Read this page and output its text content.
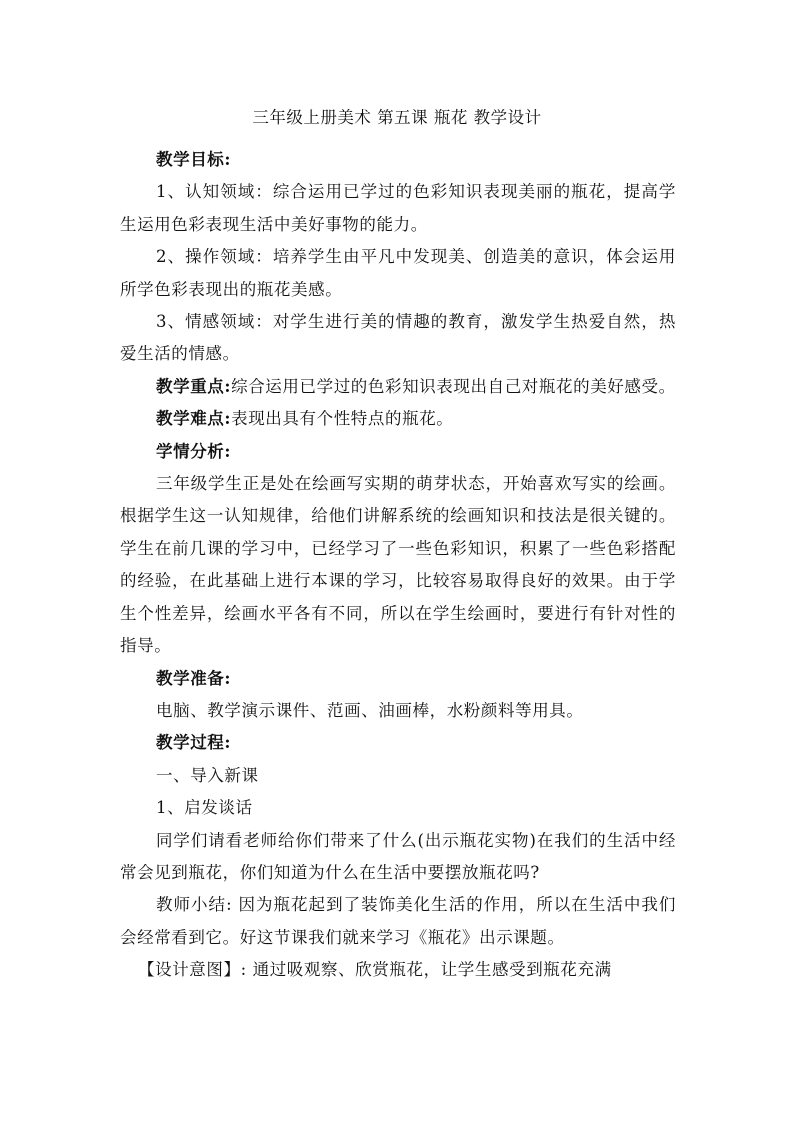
三年级上册美术 第五课 瓶花 教学设计

教学目标:

1、认知领域：综合运用已学过的色彩知识表现美丽的瓶花，提高学生运用色彩表现生活中美好事物的能力。

2、操作领域：培养学生由平凡中发现美、创造美的意识，体会运用所学色彩表现出的瓶花美感。

3、情感领域：对学生进行美的情趣的教育，激发学生热爱自然，热爱生活的情感。

教学重点:综合运用已学过的色彩知识表现出自己对瓶花的美好感受。

教学难点:表现出具有个性特点的瓶花。

学情分析:

三年级学生正是处在绘画写实期的萌芽状态，开始喜欢写实的绘画。根据学生这一认知规律，给他们讲解系统的绘画知识和技法是很关键的。学生在前几课的学习中，已经学习了一些色彩知识，积累了一些色彩搭配的经验，在此基础上进行本课的学习，比较容易取得良好的效果。由于学生个性差异，绘画水平各有不同，所以在学生绘画时，要进行有针对性的指导。

教学准备:

电脑、教学演示课件、范画、油画棒，水粉颜料等用具。

教学过程:

一、导入新课

1、启发谈话

同学们请看老师给你们带来了什么(出示瓶花实物)在我们的生活中经常会见到瓶花，你们知道为什么在生活中要摆放瓶花吗?

教师小结: 因为瓶花起到了装饰美化生活的作用，所以在生活中我们会经常看到它。好这节课我们就来学习《瓶花》出示课题。

【设计意图】: 通过吸观察、欣赏瓶花，让学生感受到瓶花充满
